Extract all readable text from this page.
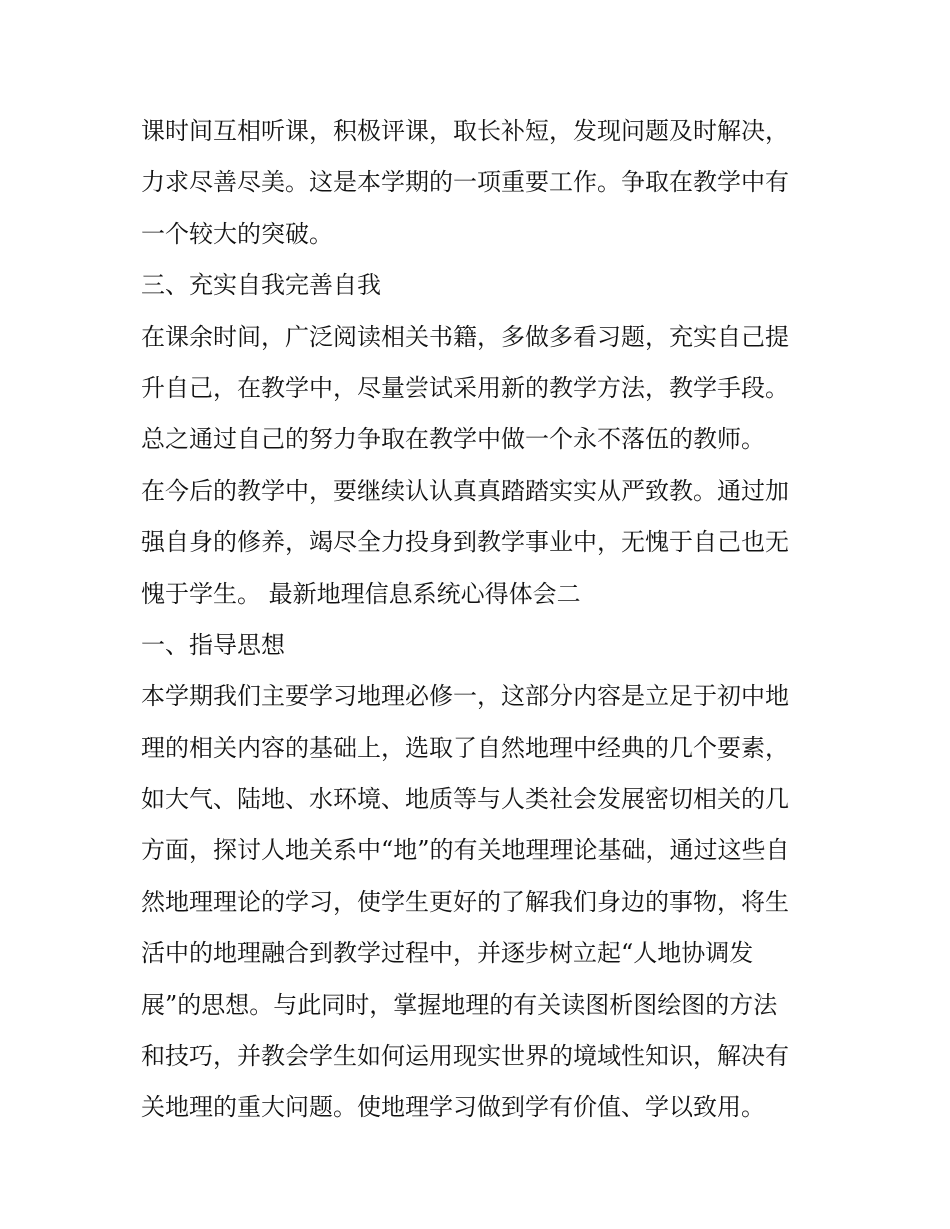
课时间互相听课，积极评课，取长补短，发现问题及时解决，
力求尽善尽美。这是本学期的一项重要工作。争取在教学中有
一个较大的突破。
三、充实自我完善自我
在课余时间，广泛阅读相关书籍，多做多看习题，充实自己提
升自己，在教学中，尽量尝试采用新的教学方法，教学手段。
总之通过自己的努力争取在教学中做一个永不落伍的教师。
在今后的教学中，要继续认认真真踏踏实实从严致教。通过加
强自身的修养，竭尽全力投身到教学事业中，无愧于自己也无
愧于学生。 最新地理信息系统心得体会二
一、指导思想
本学期我们主要学习地理必修一，这部分内容是立足于初中地
理的相关内容的基础上，选取了自然地理中经典的几个要素，
如大气、陆地、水环境、地质等与人类社会发展密切相关的几
方面，探讨人地关系中“地”的有关地理理论基础，通过这些自
然地理理论的学习，使学生更好的了解我们身边的事物，将生
活中的地理融合到教学过程中，并逐步树立起“人地协调发
展”的思想。与此同时，掌握地理的有关读图析图绘图的方法
和技巧，并教会学生如何运用现实世界的境域性知识，解决有
关地理的重大问题。使地理学习做到学有价值、学以致用。
